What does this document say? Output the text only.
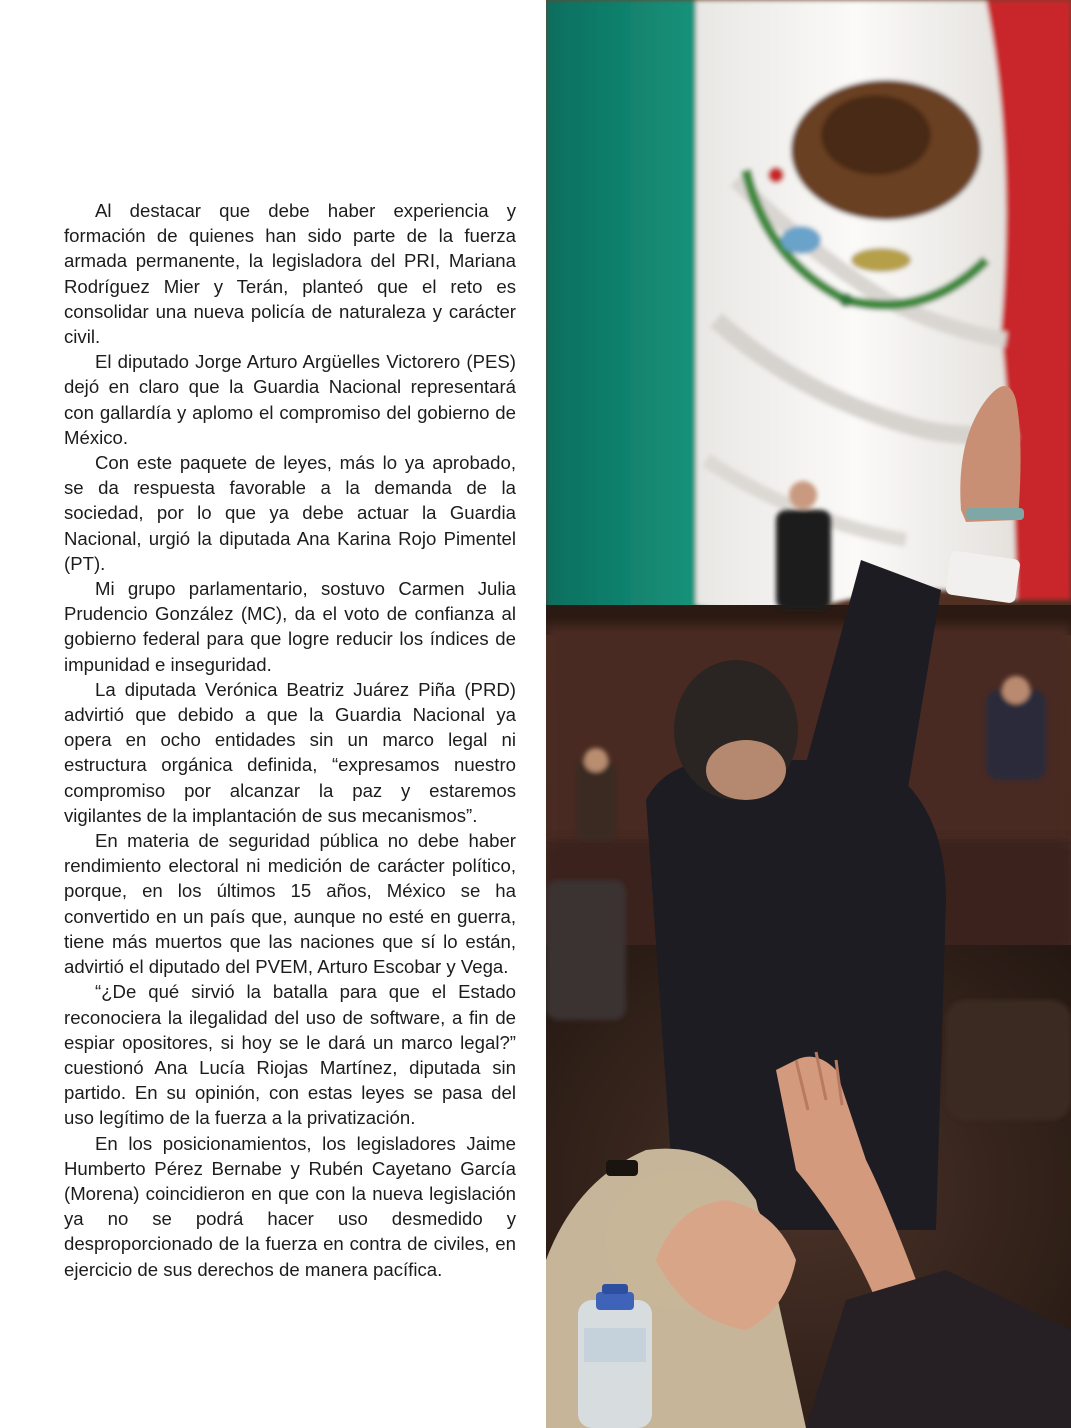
Al destacar que debe haber experiencia y formación de quienes han sido parte de la fuerza armada permanente, la legisladora del PRI, Mariana Rodríguez Mier y Terán, planteó que el reto es consolidar una nueva policía de naturaleza y carácter civil.

El diputado Jorge Arturo Argüelles Victorero (PES) dejó en claro que la Guardia Nacional representará con gallardía y aplomo el compromiso del gobierno de México.

Con este paquete de leyes, más lo ya aprobado, se da respuesta favorable a la demanda de la sociedad, por lo que ya debe actuar la Guardia Nacional, urgió la diputada Ana Karina Rojo Pimentel (PT).

Mi grupo parlamentario, sostuvo Carmen Julia Prudencio González (MC), da el voto de confianza al gobierno federal para que logre reducir los índices de impunidad e inseguridad.

La diputada Verónica Beatriz Juárez Piña (PRD) advirtió que debido a que la Guardia Nacional ya opera en ocho entidades sin un marco legal ni estructura orgánica definida, “expresamos nuestro compromiso por alcanzar la paz y estaremos vigilantes de la implantación de sus mecanismos”.

En materia de seguridad pública no debe haber rendimiento electoral ni medición de carácter político, porque, en los últimos 15 años, México se ha convertido en un país que, aunque no esté en guerra, tiene más muertos que las naciones que sí lo están, advirtió el diputado del PVEM, Arturo Escobar y Vega.

“¿De qué sirvió la batalla para que el Estado reconociera la ilegalidad del uso de software, a fin de espiar opositores, si hoy se le dará un marco legal?” cuestionó Ana Lucía Riojas Martínez, diputada sin partido. En su opinión, con estas leyes se pasa del uso legítimo de la fuerza a la privatización.

En los posicionamientos, los legisladores Jaime Humberto Pérez Bernabe y Rubén Cayetano García (Morena) coincidieron en que con la nueva legislación ya no se podrá hacer uso desmedido y desproporcionado de la fuerza en contra de civiles, en ejercicio de sus derechos de manera pacífica.
